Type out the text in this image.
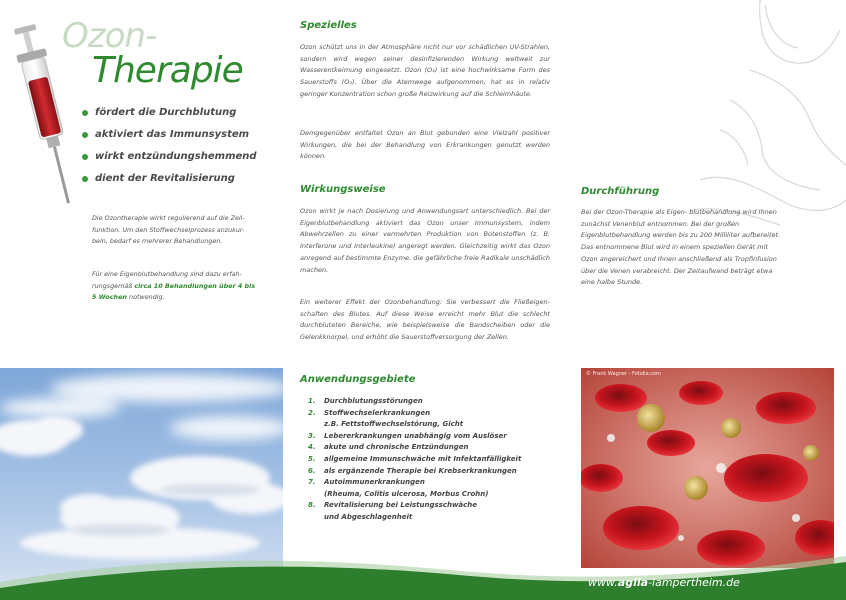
Ozon-
Therapie
fördert die Durchblutung
aktiviert das Immunsystem
wirkt entzündungshemmend
dient der Revitalisierung
Die Ozontherapie wirkt regulierend auf die Zell- funktion. Um den Stoffwechselprozess anzukur- beln, bedarf es mehrerer Behandlungen.
Für eine Eigenblutbehandlung sind dazu erfah- rungsgemäß circa 10 Behandlungen über 4 bis 5 Wochen notwendig.
Spezielles
Ozon schützt uns in der Atmosphäre nicht nur vor schädlichen UV-Strahlen, sondern wird wegen seiner desinfizierenden Wirkung weltweit zur Wasserentkeimung eingesetzt. Ozon (O₃) ist eine hochwirksame Form des Sauerstoffs (O₂). Über die Atemwege aufgenommen, hat es in relativ geringer Konzentration schon große Reizwirkung auf die Schleimhäute.
Demgegenüber entfaltet Ozon an Blut gebunden eine Vielzahl positiver Wirkungen, die bei der Behandlung von Erkrankungen genutzt werden können.
Wirkungsweise
Ozon wirkt je nach Dosierung und Anwendungsart unterschiedlich. Bei der Eigenblutbehandlung aktiviert das Ozon unser Immunsystem, indem Abwehrzellen zu einer vermehrten Produktion von Botenstoffen (z. B. Interferone und Interleukine) angeregt werden. Gleichzeitig wirkt das Ozon anregend auf bestimmte Enzyme, die gefährliche freie Radikale unschädlich machen.
Ein weiterer Effekt der Ozonbehandlung: Sie verbessert die Fließeigen- schaften des Blutes. Auf diese Weise erreicht mehr Blut die schlecht durchbluteten Bereiche, wie beispielsweise die Bandscheiben oder die Gelenkknorpel, und erhöht die Sauerstoffversorgung der Zellen.
Anwendungsgebiete
1. Durchblutungsstörungen
2. Stoffwechselerkrankungen
z.B. Fettstoffwechselstörung, Gicht
3. Lebererkrankungen unabhängig vom Auslöser
4. akute und chronische Entzündungen
5. allgemeine Immunschwäche mit Infektanfälligkeit
6. als ergänzende Therapie bei Krebserkrankungen
7. Autoimmunerkrankungen
(Rheuma, Colitis ulcerosa, Morbus Crohn)
8. Revitalisierung bei Leistungsschwäche
und Abgeschlagenheit
Durchführung
Bei der Ozon-Therapie als Eigen- blutbehandlung wird Ihnen zunächst Venenblut entnommen. Bei der großen Eigenblutbehandlung werden bis zu 200 Milliliter aufbereitet. Das entnommene Blut wird in einem speziellen Gerät mit Ozon angereichert und Ihnen anschließend als Tropfinfusion über die Venen verabreicht. Der Zeitaufwand beträgt etwa eine halbe Stunde.
© Frank Wagner - Fotolia.com
www.agila-lampertheim.de
